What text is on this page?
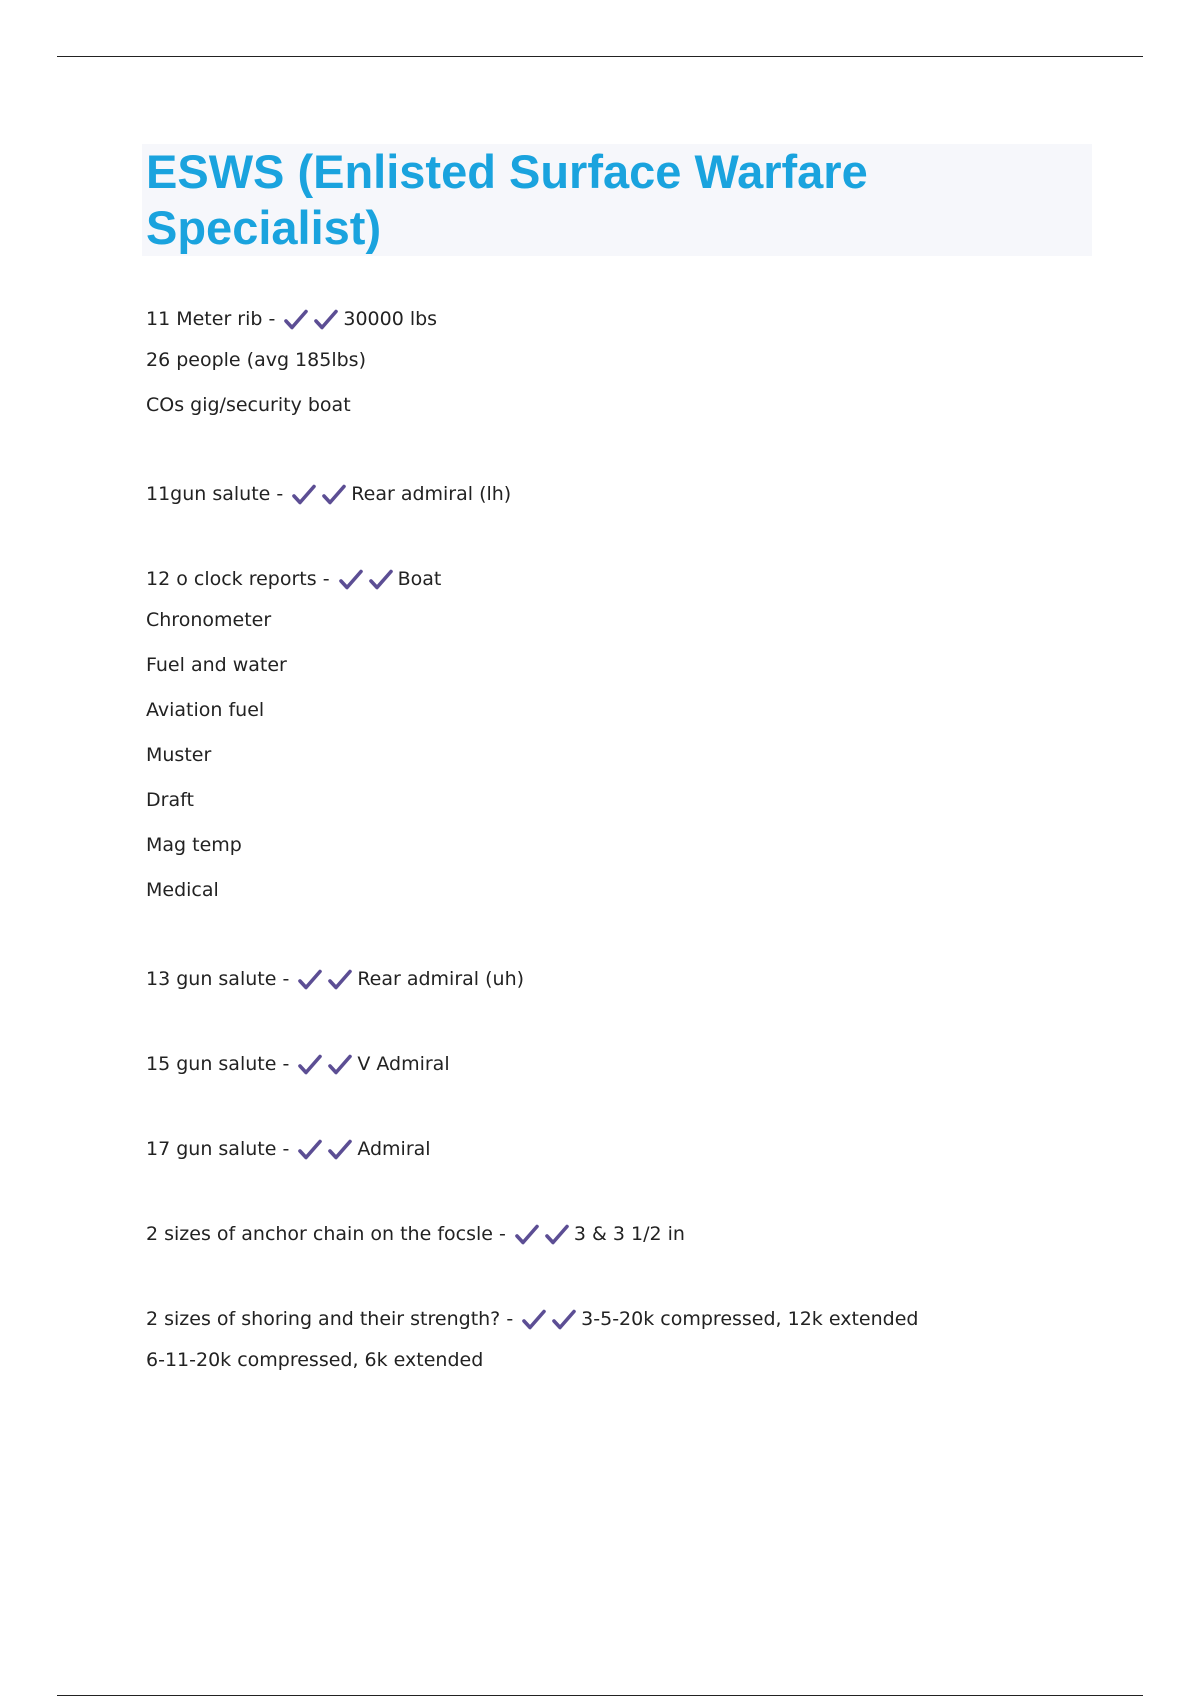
ESWS (Enlisted Surface Warfare Specialist)
11 Meter rib -	30000 lbs
26 people (avg 185lbs)
COs gig/security boat
11gun salute -	Rear admiral (lh)
12 o clock reports -	Boat
Chronometer
Fuel and water
Aviation fuel
Muster
Draft
Mag temp
Medical
13 gun salute -	Rear admiral (uh)
15 gun salute -	V Admiral
17 gun salute -	Admiral
2 sizes of anchor chain on the focsle -	3 & 3 1/2 in
2 sizes of shoring and their strength? -	3-5-20k compressed, 12k extended
6-11-20k compressed, 6k extended
